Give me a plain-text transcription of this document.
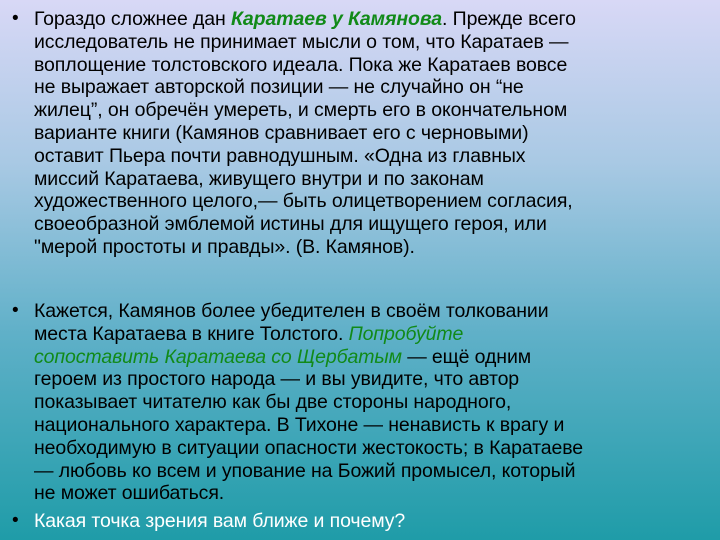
• Гораздо сложнее дан Каратаев у Камянова. Прежде всего
исследователь не принимает мысли о том, что Каратаев —
воплощение толстовского идеала. Пока же Каратаев вовсе
не выражает авторской позиции — не случайно он “не
жилец”, он обречён умереть, и смерть его в окончательном
варианте книги (Камянов сравнивает его с черновыми)
оставит Пьера почти равнодушным. «Одна из главных
миссий Каратаева, живущего внутри и по законам
художественного целого,— быть олицетворением согласия,
своеобразной эмблемой истины для ищущего героя, или
"мерой простоты и правды». (В. Камянов).
• Кажется, Камянов более убедителен в своём толковании
места Каратаева в книге Толстого. Попробуйте
сопоставить Каратаева со Щербатым — ещё одним
героем из простого народа — и вы увидите, что автор
показывает читателю как бы две стороны народного,
национального характера. В Тихоне — ненависть к врагу и
необходимую в ситуации опасности жестокость; в Каратаеве
— любовь ко всем и упование на Божий промысел, который
не может ошибаться.
• Какая точка зрения вам ближе и почему?
